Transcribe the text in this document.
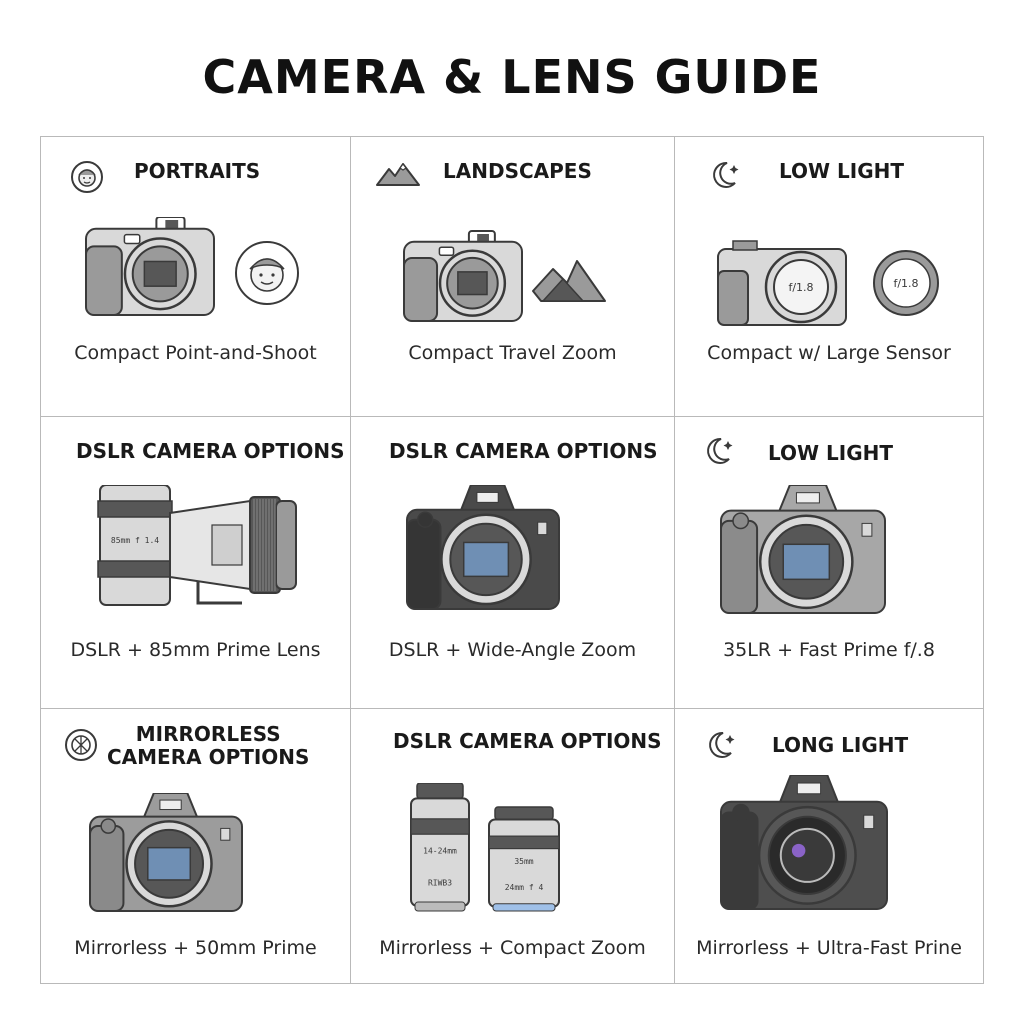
CAMERA & LENS GUIDE
PORTRAITS
Compact Point-and-Shoot
LANDSCAPES
Compact Travel Zoom
LOW LIGHT
f/1.8	f/1.8
Compact w/ Large Sensor
DSLR CAMERA OPTIONS
85mm f 1.4
DSLR + 85mm Prime Lens
DSLR CAMERA OPTIONS
DSLR + Wide-Angle Zoom
LOW LIGHT
35LR + Fast Prime f/.8
MIRRORLESS
CAMERA OPTIONS
Mirrorless + 50mm Prime
DSLR CAMERA OPTIONS
14-24mm
RIWB3
35mm
24mm f 4
Mirrorless + Compact Zoom
LONG LIGHT
Mirrorless + Ultra-Fast Prine
